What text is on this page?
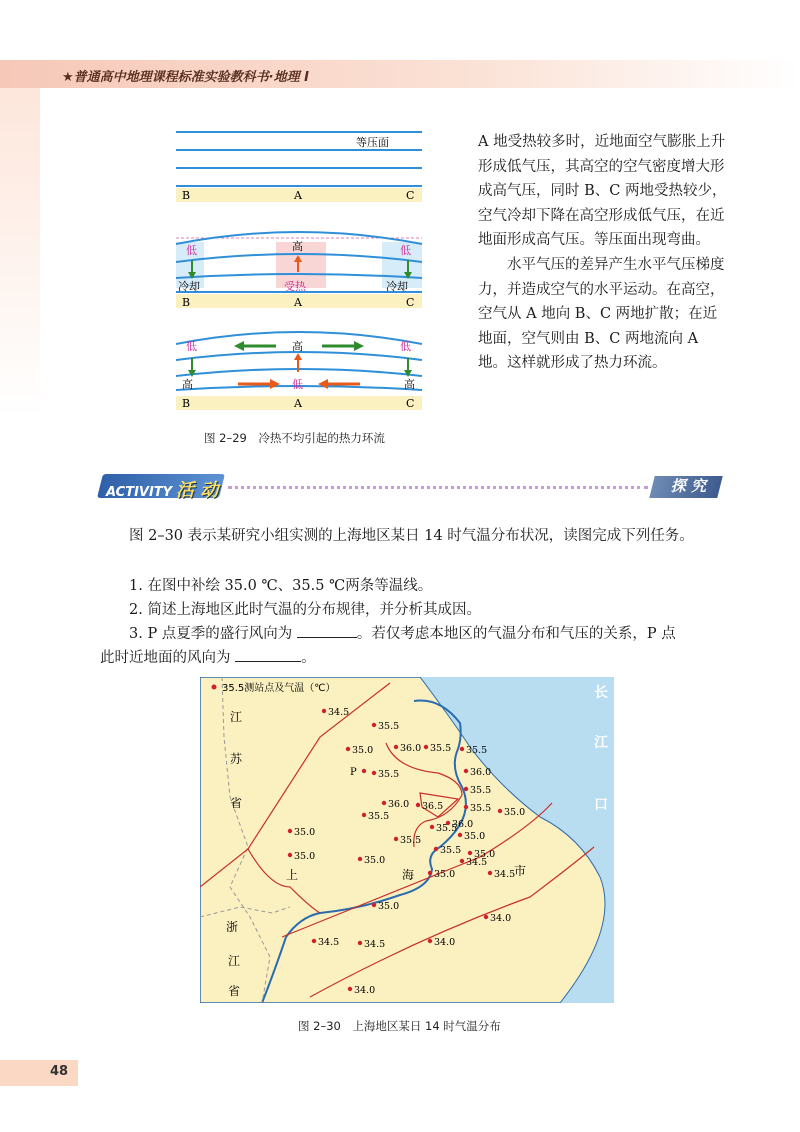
★普通高中地理课程标准实验教科书·地理 Ⅰ
等压面
B	A	C
低	高	低
冷却	受热	冷却
B	A	C
低	高	低
高	低	高
B	A	C
图 2–29　冷热不均引起的热力环流

A 地受热较多时，近地面空气膨胀上升形成低气压，其高空的空气密度增大形成高气压，同时 B、C 两地受热较少，空气冷却下降在高空形成低气压，在近地面形成高气压。等压面出现弯曲。

水平气压的差异产生水平气压梯度力，并造成空气的水平运动。在高空，空气从 A 地向 B、C 两地扩散；在近地面，空气则由 B、C 两地流向 A 地。这样就形成了热力环流。

ACTIVITY 活 动	探 究

图 2–30 表示某研究小组实测的上海地区某日 14 时气温分布状况，读图完成下列任务。

1. 在图中补绘 35.0 ℃、35.5 ℃两条等温线。

2. 简述上海地区此时气温的分布规律，并分析其成因。

3. P 点夏季的盛行风向为	。若仅考虑本地区的气温分布和气压的关系，P 点

此时近地面的风向为	。

35.5测站点及气温（℃）
江
苏
省
上	海	市
浙
江
省
长
江
口
P
34.5
35.5
35.0	36.0 35.5 35.5
35.5	36.0
35.5
36.0 36.5
35.5
35.5 35.0
35.0
36.0
35.5
35.5
35.0
35.0
35.5
35.0	34.5
35.0	34.5
35.0
34.5	34.0
34.0
34.5
34.0
35.0
图 2–30　上海地区某日 14 时气温分布
48
